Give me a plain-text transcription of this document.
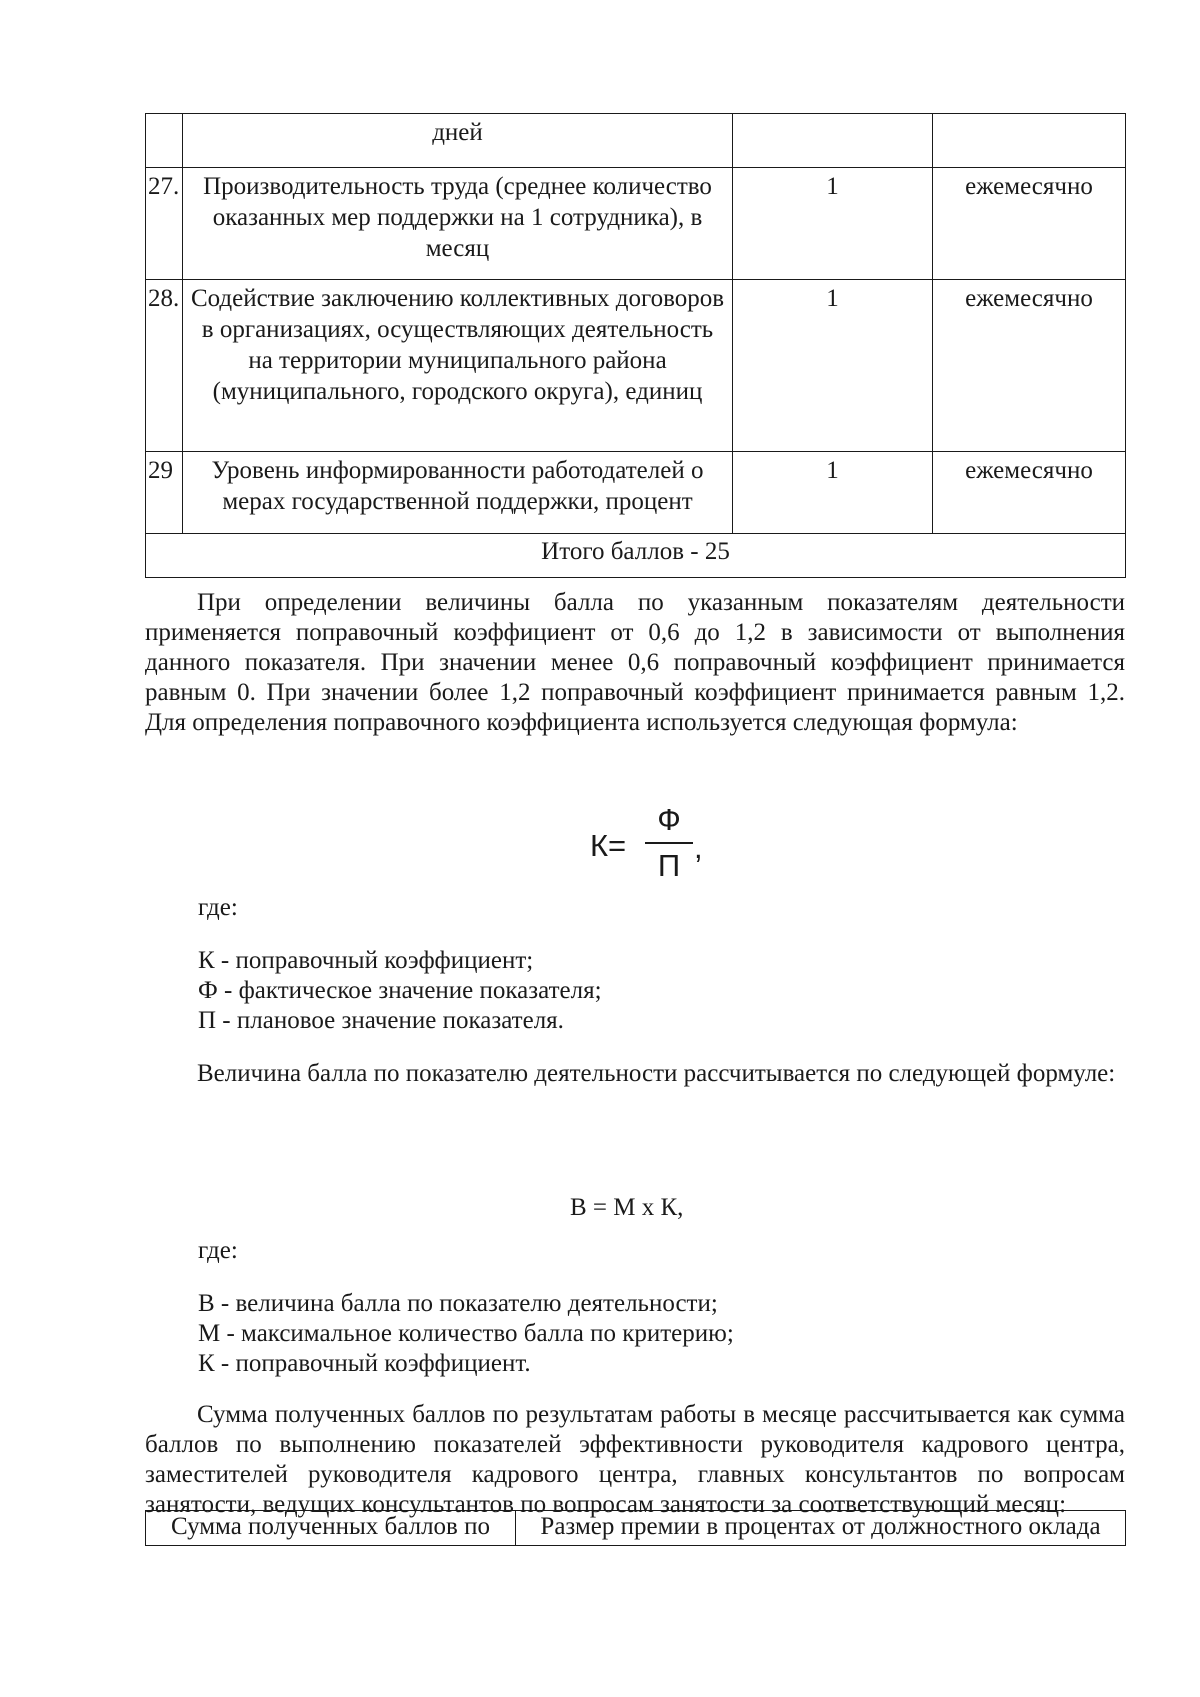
	дней		
27.	Производительность труда (среднее количество оказанных мер поддержки на 1 сотрудника), в месяц	1	ежемесячно
28.	Содействие заключению коллективных договоров в организациях, осуществляющих деятельность на территории муниципального района (муниципального, городского округа), единиц	1	ежемесячно
29	Уровень информированности работодателей о мерах государственной поддержки, процент	1	ежемесячно
Итого баллов - 25			
При определении величины балла по указанным показателям деятельности применяется поправочный коэффициент от 0,6 до 1,2 в зависимости от выполнения данного показателя. При значении менее 0,6 поправочный коэффициент принимается равным 0. При значении более 1,2 поправочный коэффициент принимается равным 1,2. Для определения поправочного коэффициента используется следующая формула:
К=
Ф
П
,
где:
К - поправочный коэффициент;
Ф - фактическое значение показателя;
П - плановое значение показателя.
Величина балла по показателю деятельности рассчитывается по следующей формуле:
В = М х К,
где:
В - величина балла по показателю деятельности;
М - максимальное количество балла по критерию;
К - поправочный коэффициент.
Сумма полученных баллов по результатам работы в месяце рассчитывается как сумма баллов по выполнению показателей эффективности руководителя кадрового центра, заместителей руководителя кадрового центра, главных консультантов по вопросам занятости, ведущих консультантов по вопросам занятости за соответствующий месяц:
Сумма полученных баллов по	Размер премии в процентах от должностного оклада
